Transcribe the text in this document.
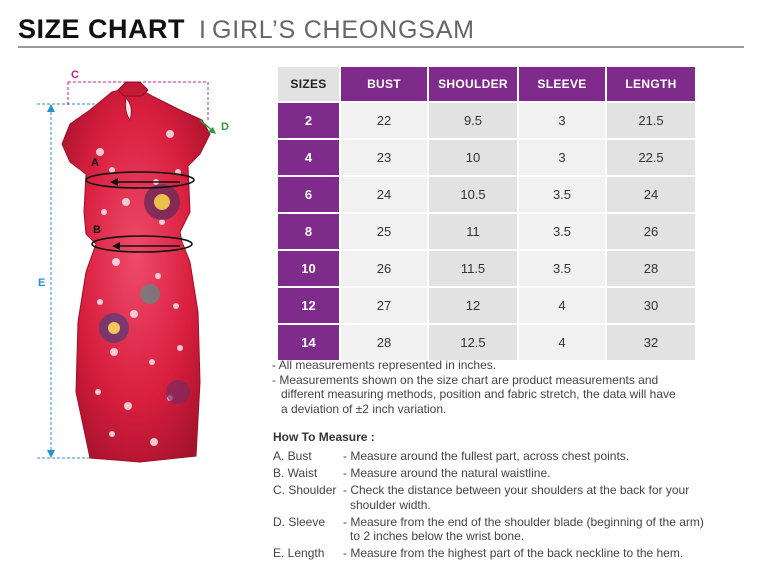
SIZE CHART I GIRL’S CHEONGSAM
E
C
D
A
B
SIZES	BUST	SHOULDER	SLEEVE	LENGTH
2	22	9.5	3	21.5
4	23	10	3	22.5
6	24	10.5	3.5	24
8	25	11	3.5	26
10	26	11.5	3.5	28
12	27	12	4	30
14	28	12.5	4	32

- All measurements represented in inches.

- Measurements shown on the size chart are product measurements and

different measuring methods, position and fabric stretch, the data will have

a deviation of ±2 inch variation.

How To Measure :
A. Bust	- Measure around the fullest part, across chest points.
B. Waist	- Measure around the natural waistline.
C. Shoulder - Check the distance between your shoulders at the back for your
shoulder width.
D. Sleeve	- Measure from the end of the shoulder blade (beginning of the arm)
to 2 inches below the wrist bone.
E. Length	- Measure from the highest part of the back neckline to the hem.
